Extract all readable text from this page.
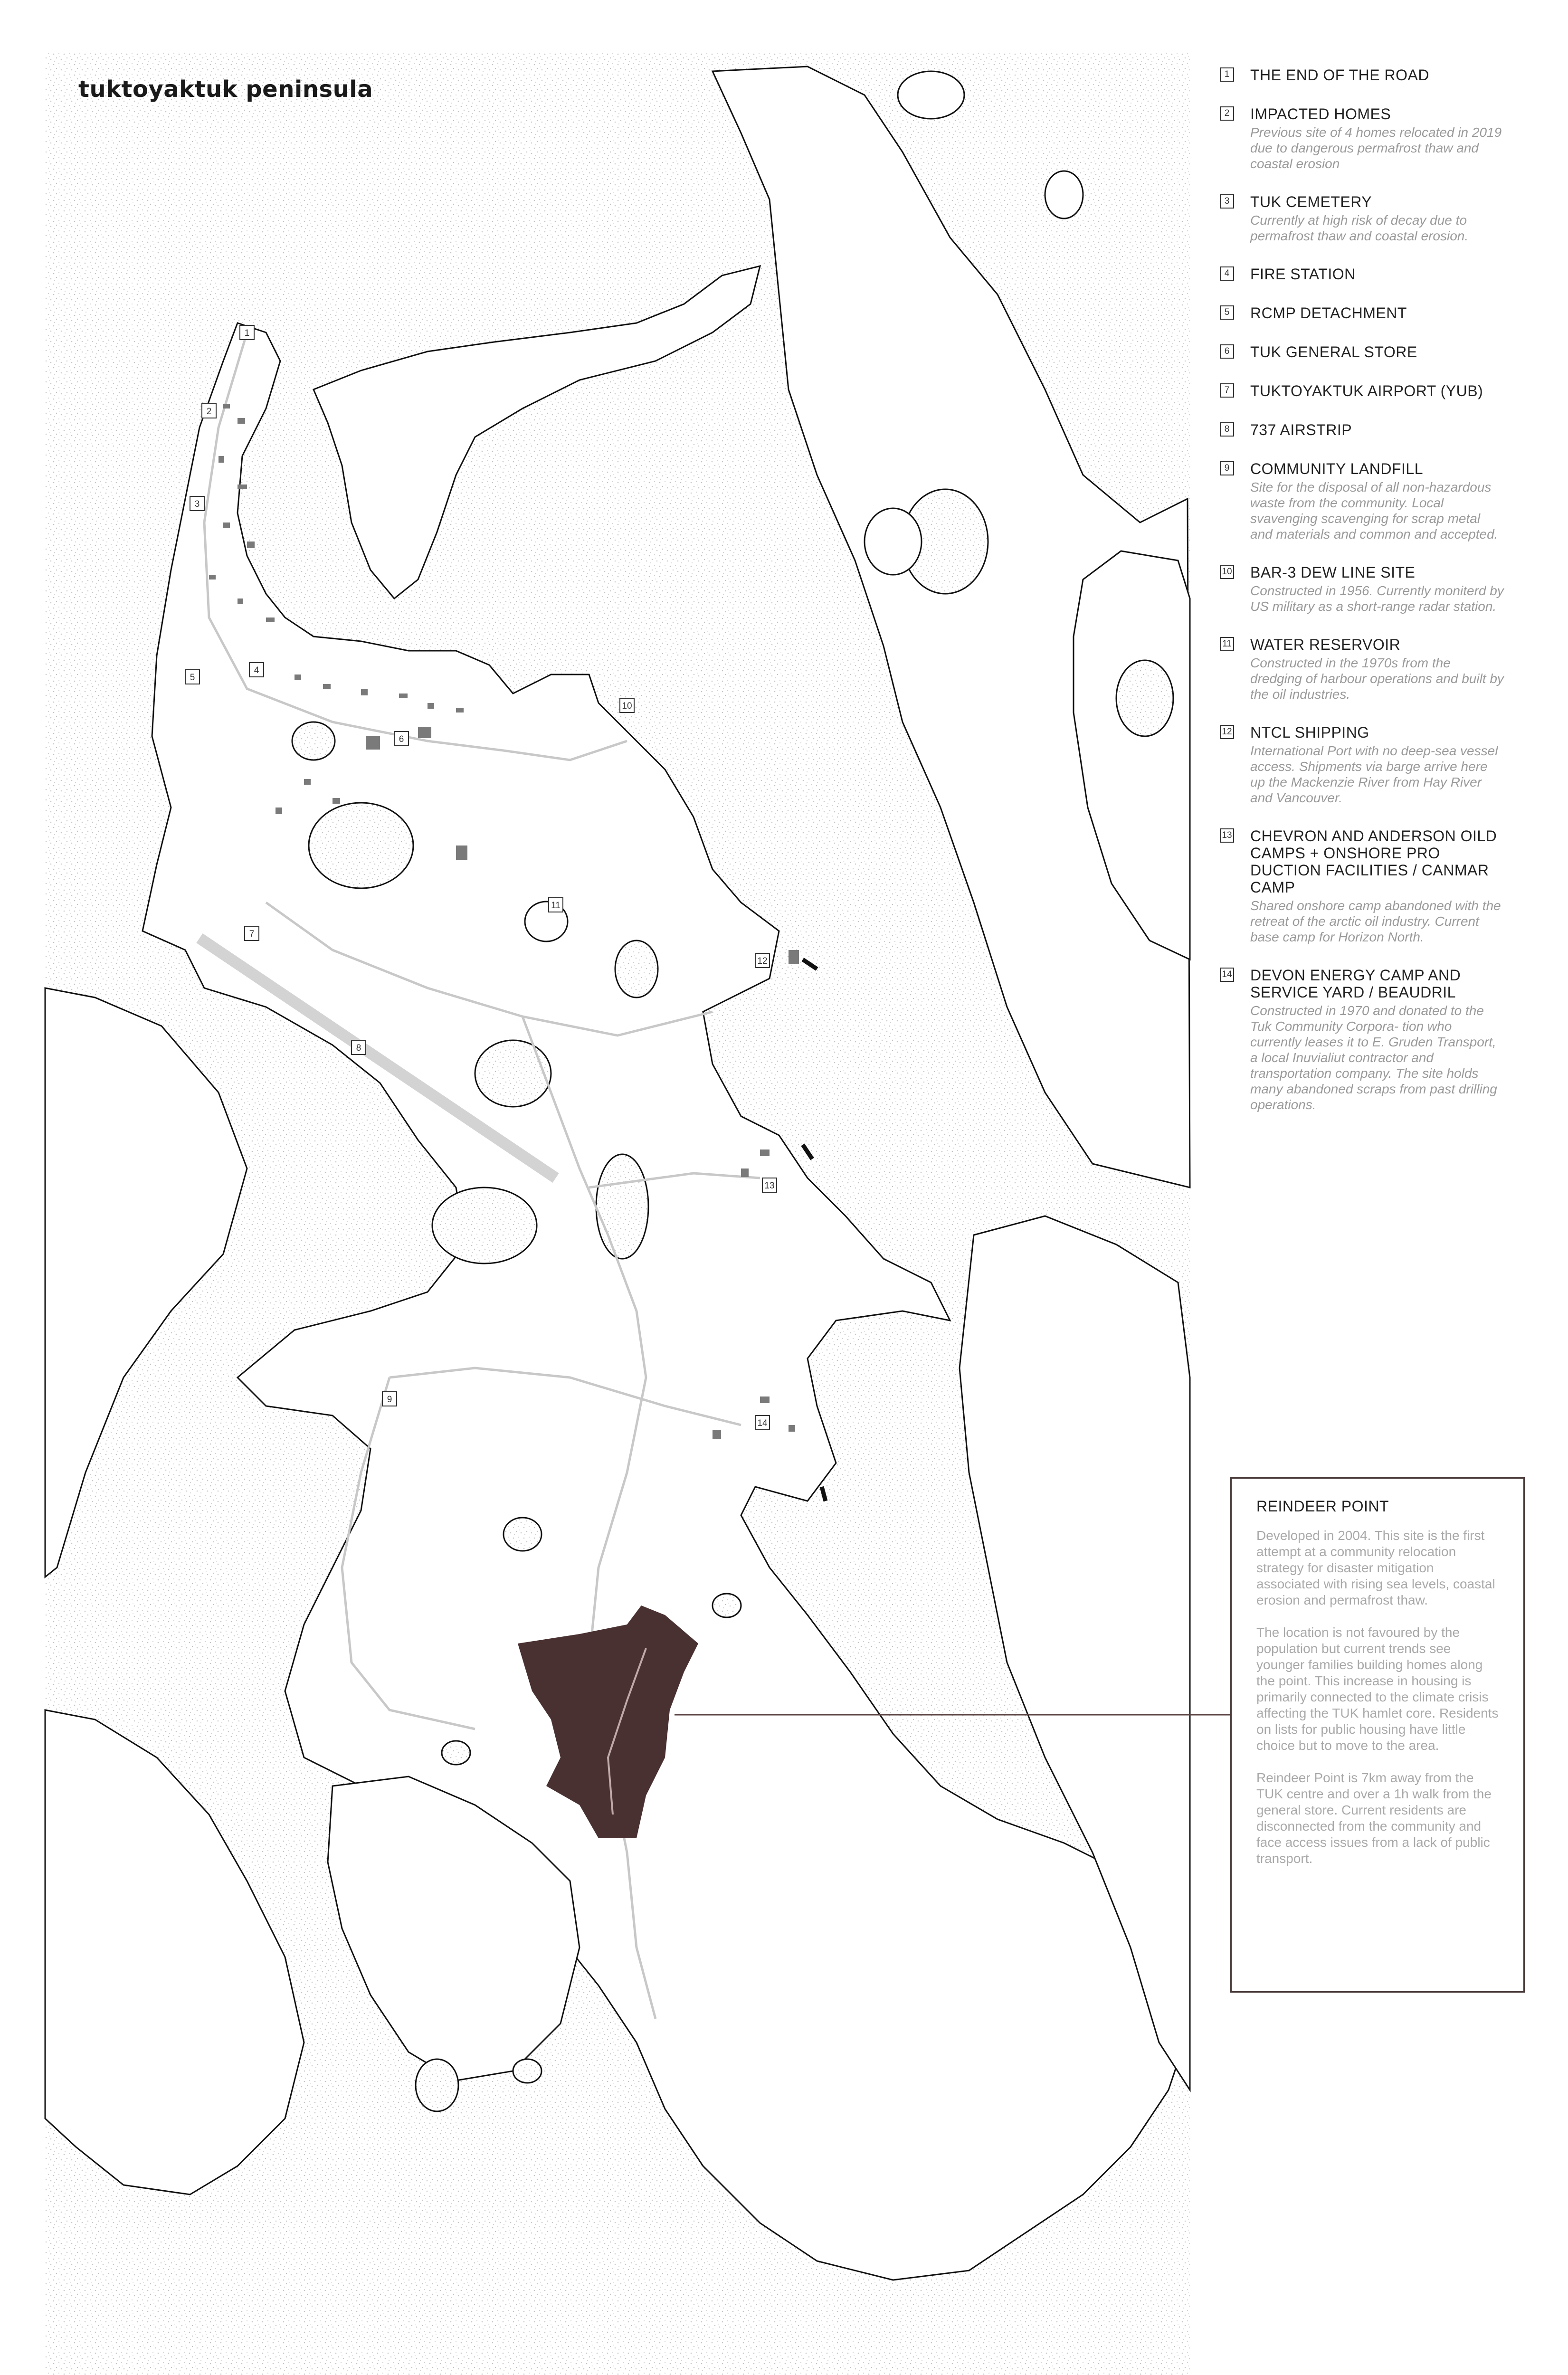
1
2
3
4
5
6
7
8
9
10
11
12
13
14
tuktoyaktuk peninsula
1	THE END OF THE ROAD
2	IMPACTED HOMES
Previous site of 4 homes relocated in 2019 due to dangerous permafrost thaw and coastal erosion
3	TUK CEMETERY
Currently at high risk of decay due to permafrost thaw and coastal erosion.
4	FIRE STATION
5	RCMP DETACHMENT
6	TUK GENERAL STORE
7	TUKTOYAKTUK AIRPORT (YUB)
8	737 AIRSTRIP
9	COMMUNITY LANDFILL
Site for the disposal of all non-hazardous waste from the community. Local svavenging scavenging for scrap metal and materials and common and accepted.
10 BAR-3 DEW LINE SITE
Constructed in 1956. Currently moniterd by US military as a short-range radar station.
11 WATER RESERVOIR
Constructed in the 1970s from the dredging of harbour operations and built by the oil industries.
12 NTCL SHIPPING
International Port with no deep-sea vessel access. Shipments via barge arrive here up the Mackenzie River from Hay River and Vancouver.
13 CHEVRON AND ANDERSON OILD CAMPS + ONSHORE PRO DUCTION FACILITIES / CANMAR CAMP
Shared onshore camp abandoned with the retreat of the arctic oil industry. Current base camp for Horizon North.
14 DEVON ENERGY CAMP AND SERVICE YARD / BEAUDRIL
Constructed in 1970 and donated to the Tuk Community Corpora- tion who currently leases it to E. Gruden Transport, a local Inuvialiut contractor and transportation company. The site holds many abandoned scraps from past drilling operations.
REINDEER POINT
Developed in 2004. This site is the first attempt at a community relocation strategy for disaster mitigation associated with rising sea levels, coastal erosion and permafrost thaw.
The location is not favoured by the population but current trends see younger families building homes along the point. This increase in housing is primarily connected to the climate crisis affecting the TUK hamlet core. Residents on lists for public housing have little choice but to move to the area.
Reindeer Point is 7km away from the TUK centre and over a 1h walk from the general store. Current residents are disconnected from the community and face access issues from a lack of public transport.
